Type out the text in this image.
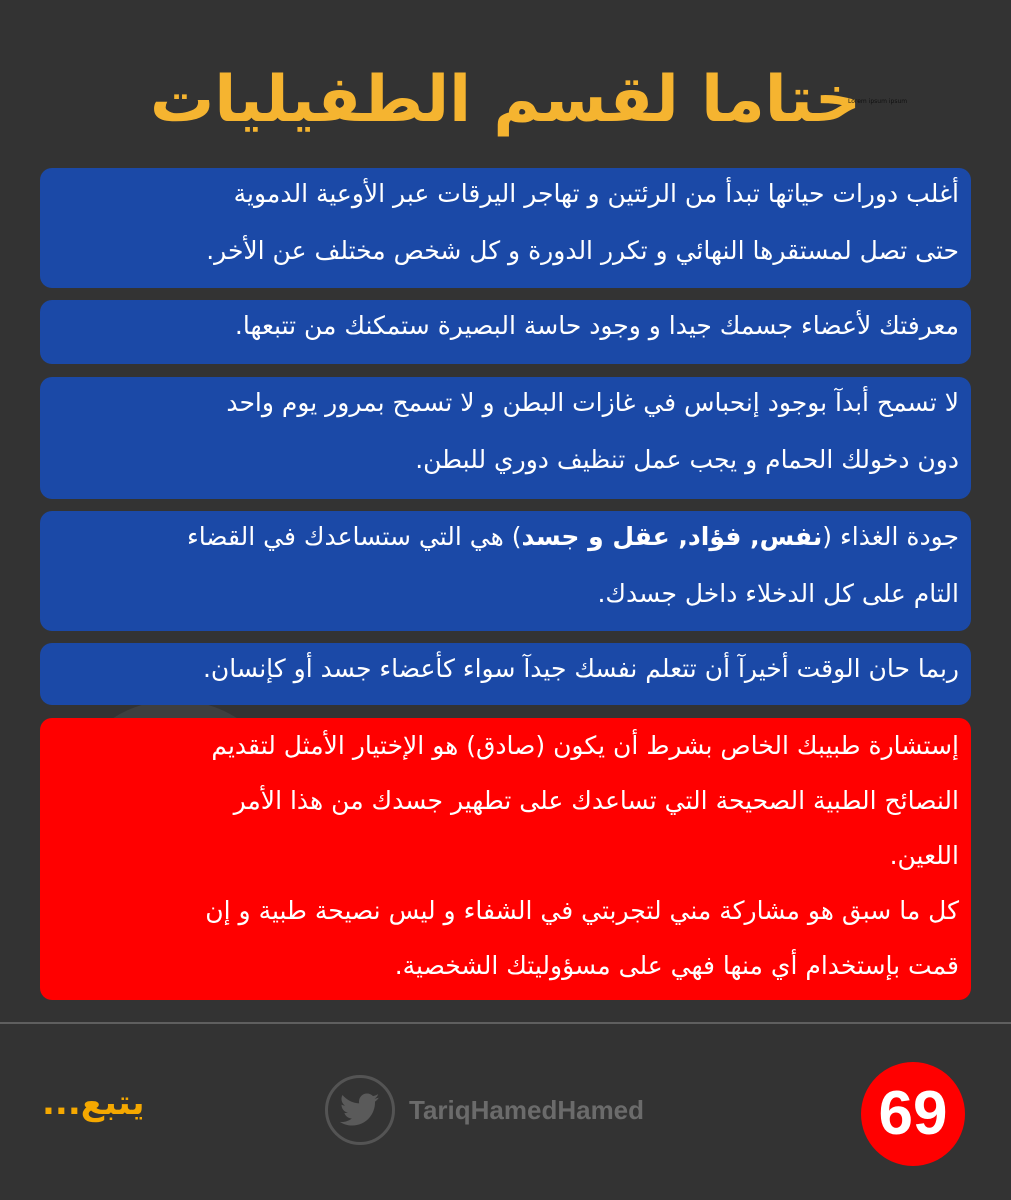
ختاما لقسم الطفيليات
Lorem ipsum ipsum

أغلب دورات حياتها تبدأ من الرئتين و تهاجر اليرقات عبر الأوعية الدموية

حتى تصل لمستقرها النهائي و تكرر الدورة و كل شخص مختلف عن الأخر.

معرفتك لأعضاء جسمك جيدا و وجود حاسة البصيرة ستمكنك من تتبعها.

لا تسمح أبدآ بوجود إنحباس في غازات البطن و لا تسمح بمرور يوم واحد

دون دخولك الحمام و يجب عمل تنظيف دوري للبطن.

جودة الغذاء (نفس, فؤاد, عقل و جسد) هي التي ستساعدك في القضاء

التام على كل الدخلاء داخل جسدك.

ربما حان الوقت أخيرآ أن تتعلم نفسك جيدآ سواء كأعضاء جسد أو كإنسان.

إستشارة طبيبك الخاص بشرط أن يكون (صادق) هو الإختيار الأمثل لتقديم

النصائح الطبية الصحيحة التي تساعدك على تطهير جسدك من هذا الأمر

اللعين.

كل ما سبق هو مشاركة مني لتجربتي في الشفاء و ليس نصيحة طبية و إن

قمت بإستخدام أي منها فهي على مسؤوليتك الشخصية.

يتبع...	TariqHamedHamed	69
